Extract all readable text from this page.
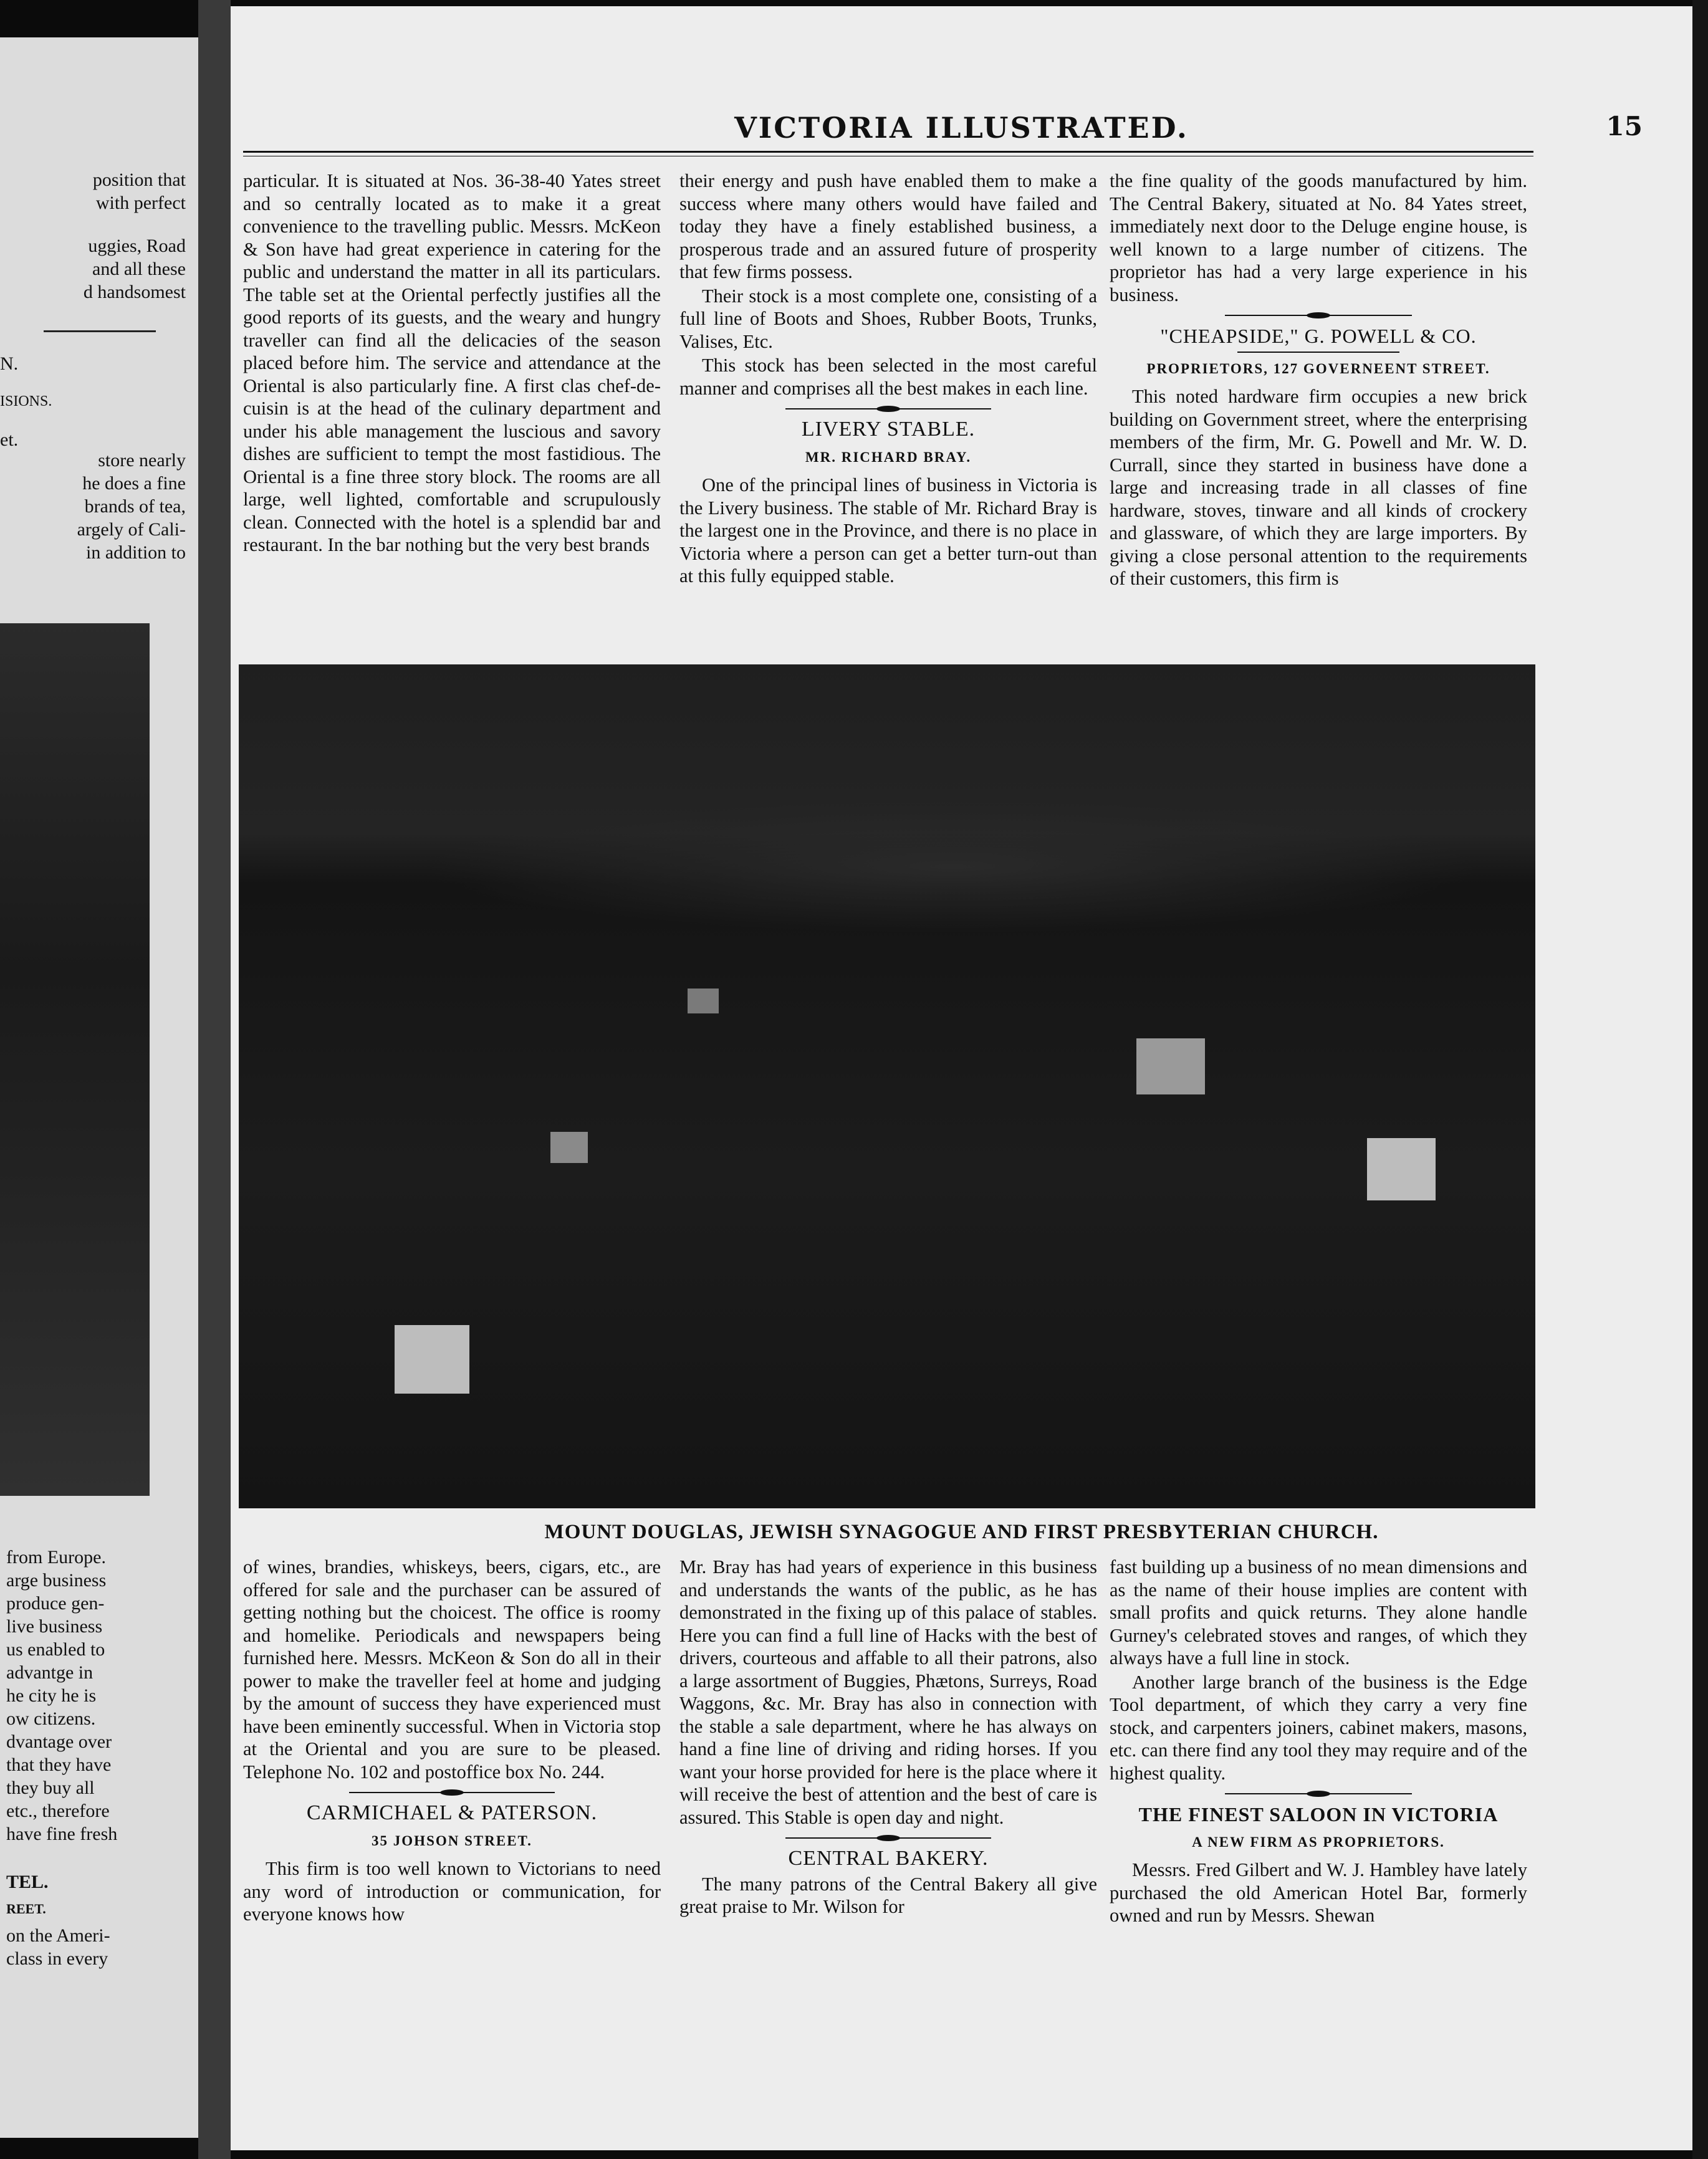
position that

with perfect

uggies, Road

and all these

d handsomest

N.

ISIONS.

et.

store nearly

he does a fine

brands of tea,

argely of Cali-

in addition to

from Europe.

arge business

produce gen-

live business

us enabled to

advantge in

he city he is

ow citizens.

dvantage over

that they have

they buy all

etc., therefore

have fine fresh

TEL.

REET.

on the Ameri-

class in every

VICTORIA ILLUSTRATED.	15

particular. It is situated at Nos. 36-38-40 Yates street and so centrally located as to make it a great convenience to the travelling public. Messrs. McKeon & Son have had great experience in catering for the public and understand the matter in all its particulars. The table set at the Oriental perfectly justifies all the good reports of its guests, and the weary and hungry traveller can find all the delicacies of the season placed before him. The service and attendance at the Oriental is also particularly fine. A first clas chef-de-cuisin is at the head of the culinary department and under his able management the luscious and savory dishes are sufficient to tempt the most fastidious. The Oriental is a fine three story block. The rooms are all large, well lighted, comfortable and scrupulously clean. Connected with the hotel is a splendid bar and restaurant. In the bar nothing but the very best brands

their energy and push have enabled them to make a success where many others would have failed and today they have a finely established business, a prosperous trade and an assured future of prosperity that few firms possess.

Their stock is a most complete one, consisting of a full line of Boots and Shoes, Rubber Boots, Trunks, Valises, Etc.

This stock has been selected in the most careful manner and comprises all the best makes in each line.

LIVERY STABLE.
MR. RICHARD BRAY.

One of the principal lines of business in Victoria is the Livery business. The stable of Mr. Richard Bray is the largest one in the Province, and there is no place in Victoria where a person can get a better turn-out than at this fully equipped stable.

the fine quality of the goods manufactured by him. The Central Bakery, situated at No. 84 Yates street, immediately next door to the Deluge engine house, is well known to a large number of citizens. The proprietor has had a very large experience in his business.

"CHEAPSIDE," G. POWELL & CO.
PROPRIETORS, 127 GOVERNEENT STREET.

This noted hardware firm occupies a new brick building on Government street, where the enterprising members of the firm, Mr. G. Powell and Mr. W. D. Currall, since they started in business have done a large and increasing trade in all classes of fine hardware, stoves, tinware and all kinds of crockery and glassware, of which they are large importers. By giving a close personal attention to the requirements of their customers, this firm is

MOUNT DOUGLAS, JEWISH SYNAGOGUE AND FIRST PRESBYTERIAN CHURCH.

of wines, brandies, whiskeys, beers, cigars, etc., are offered for sale and the purchaser can be assured of getting nothing but the choicest. The office is roomy and homelike. Periodicals and newspapers being furnished here. Messrs. McKeon & Son do all in their power to make the traveller feel at home and judging by the amount of success they have experienced must have been eminently successful. When in Victoria stop at the Oriental and you are sure to be pleased. Telephone No. 102 and postoffice box No. 244.

CARMICHAEL & PATERSON.
35 JOHSON STREET.

This firm is too well known to Victorians to need any word of introduction or communication, for everyone knows how

Mr. Bray has had years of experience in this business and understands the wants of the public, as he has demonstrated in the fixing up of this palace of stables. Here you can find a full line of Hacks with the best of drivers, courteous and affable to all their patrons, also a large assortment of Buggies, Phætons, Surreys, Road Waggons, &c. Mr. Bray has also in connection with the stable a sale department, where he has always on hand a fine line of driving and riding horses. If you want your horse provided for here is the place where it will receive the best of attention and the best of care is assured. This Stable is open day and night.

CENTRAL BAKERY.

The many patrons of the Central Bakery all give great praise to Mr. Wilson for

fast building up a business of no mean dimensions and as the name of their house implies are content with small profits and quick returns. They alone handle Gurney's celebrated stoves and ranges, of which they always have a full line in stock.

Another large branch of the business is the Edge Tool department, of which they carry a very fine stock, and carpenters joiners, cabinet makers, masons, etc. can there find any tool they may require and of the highest quality.

THE FINEST SALOON IN VICTORIA
A NEW FIRM AS PROPRIETORS.

Messrs. Fred Gilbert and W. J. Hambley have lately purchased the old American Hotel Bar, formerly owned and run by Messrs. Shewan
